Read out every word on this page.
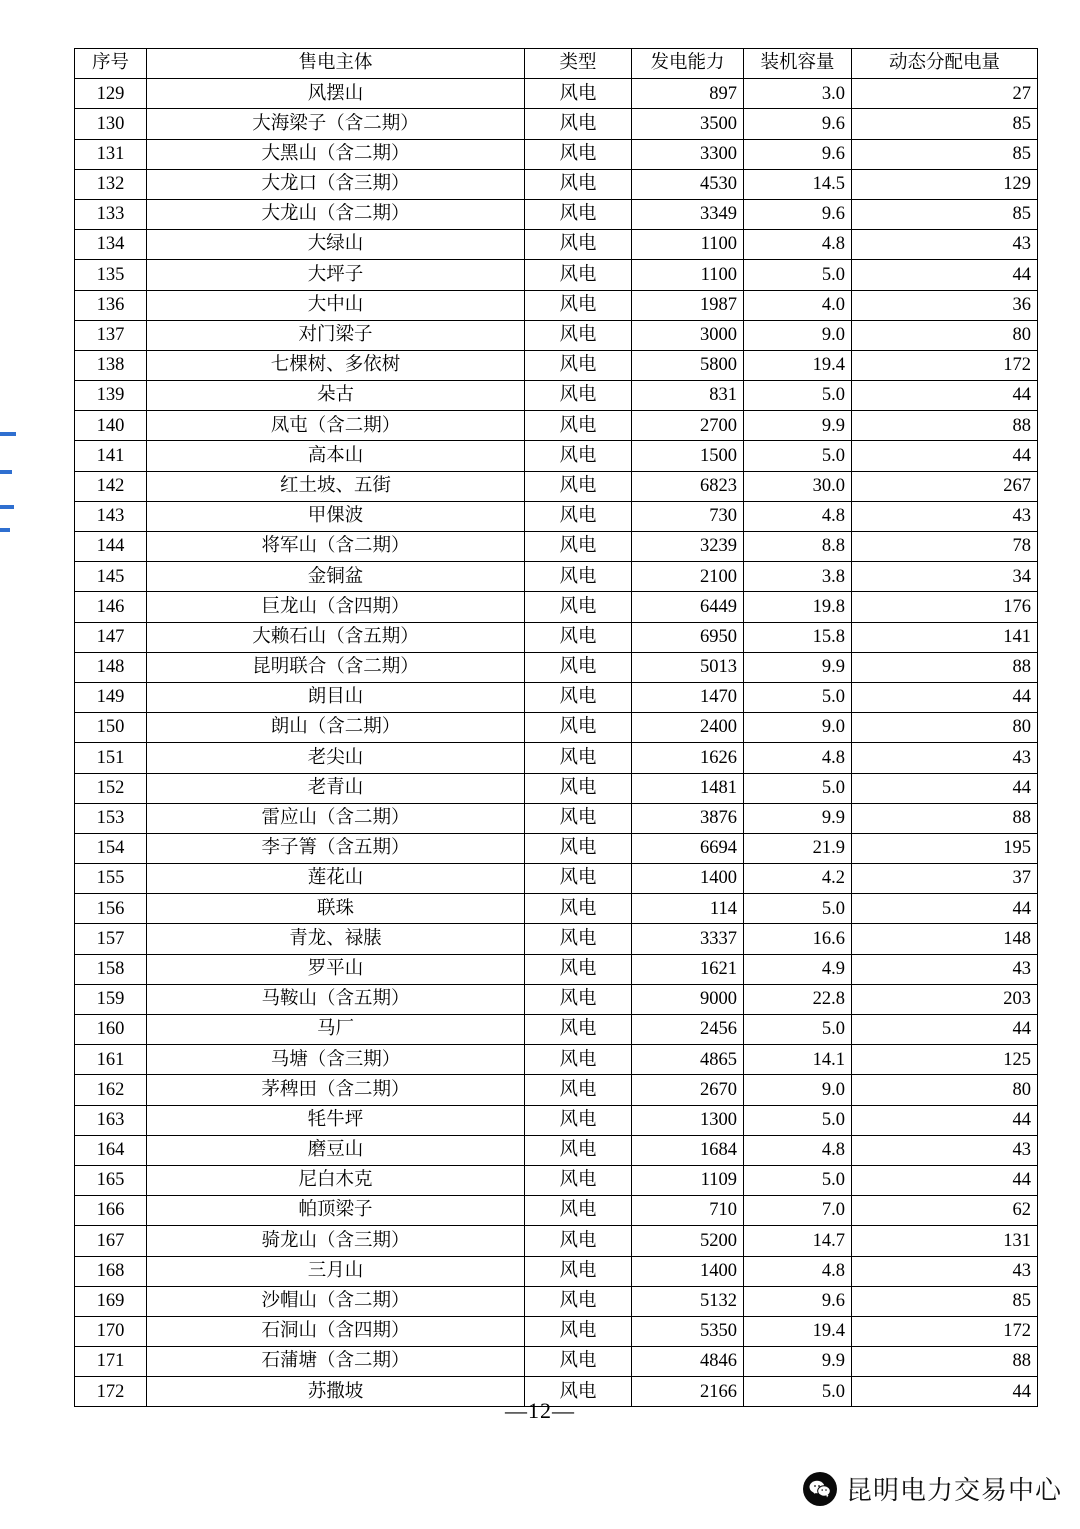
序号	售电主体	类型	发电能力	装机容量	动态分配电量
129	风摆山	风电	897	3.0	27
130	大海梁子（含二期）	风电	3500	9.6	85
131	大黑山（含二期）	风电	3300	9.6	85
132	大龙口（含三期）	风电	4530	14.5	129
133	大龙山（含二期）	风电	3349	9.6	85
134	大绿山	风电	1100	4.8	43
135	大坪子	风电	1100	5.0	44
136	大中山	风电	1987	4.0	36
137	对门梁子	风电	3000	9.0	80
138	七棵树、多依树	风电	5800	19.4	172
139	朵古	风电	831	5.0	44
140	凤屯（含二期）	风电	2700	9.9	88
141	高本山	风电	1500	5.0	44
142	红土坡、五街	风电	6823	30.0	267
143	甲倮波	风电	730	4.8	43
144	将军山（含二期）	风电	3239	8.8	78
145	金铜盆	风电	2100	3.8	34
146	巨龙山（含四期）	风电	6449	19.8	176
147	大赖石山（含五期）	风电	6950	15.8	141
148	昆明联合（含二期）	风电	5013	9.9	88
149	朗目山	风电	1470	5.0	44
150	朗山（含二期）	风电	2400	9.0	80
151	老尖山	风电	1626	4.8	43
152	老青山	风电	1481	5.0	44
153	雷应山（含二期）	风电	3876	9.9	88
154	李子箐（含五期）	风电	6694	21.9	195
155	莲花山	风电	1400	4.2	37
156	联珠	风电	114	5.0	44
157	青龙、禄脿	风电	3337	16.6	148
158	罗平山	风电	1621	4.9	43
159	马鞍山（含五期）	风电	9000	22.8	203
160	马厂	风电	2456	5.0	44
161	马塘（含三期）	风电	4865	14.1	125
162	茅稗田（含二期）	风电	2670	9.0	80
163	牦牛坪	风电	1300	5.0	44
164	磨豆山	风电	1684	4.8	43
165	尼白木克	风电	1109	5.0	44
166	帕顶梁子	风电	710	7.0	62
167	骑龙山（含三期）	风电	5200	14.7	131
168	三月山	风电	1400	4.8	43
169	沙帽山（含二期）	风电	5132	9.6	85
170	石洞山（含四期）	风电	5350	19.4	172
171	石蒲塘（含二期）	风电	4846	9.9	88
172	苏撒坡	风电	2166	5.0	44
—12—
昆明电力交易中心
